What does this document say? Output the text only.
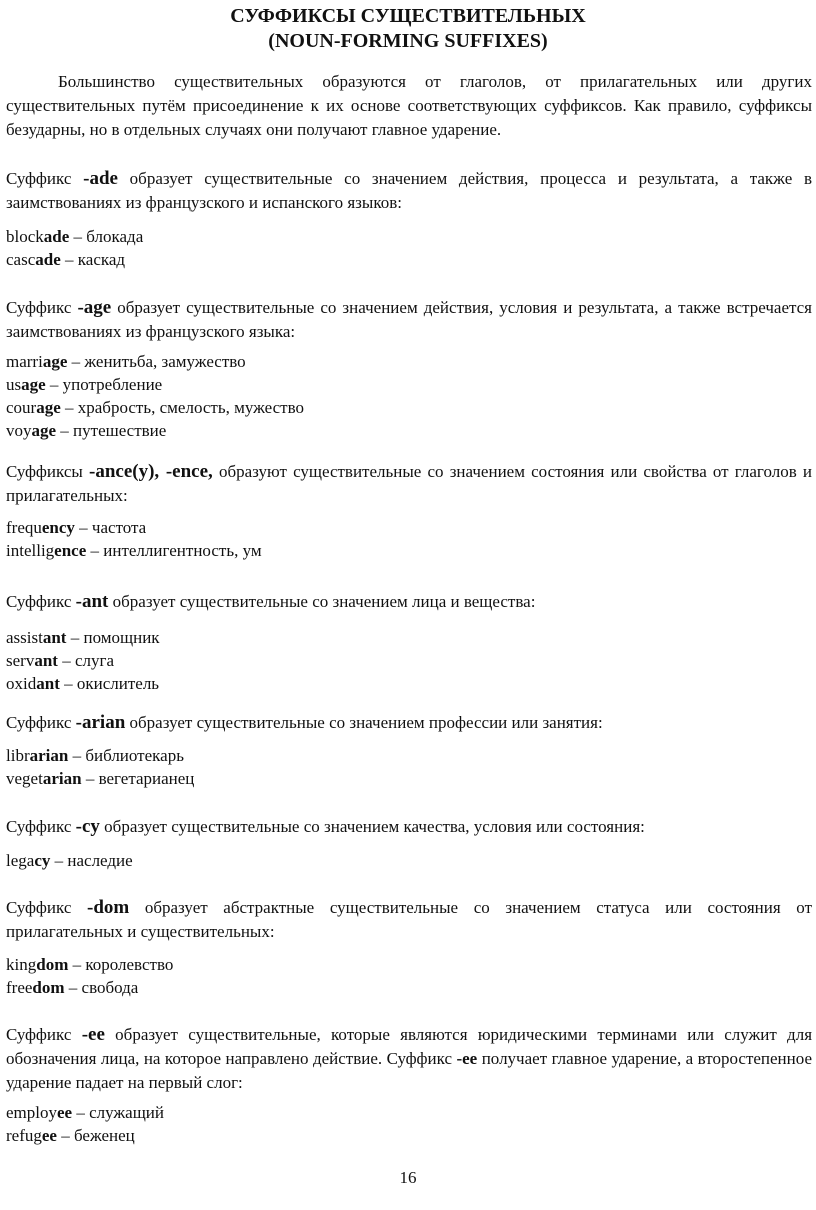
СУФФИКСЫ СУЩЕСТВИТЕЛЬНЫХ
(NOUN-FORMING SUFFIXES)

Большинство существительных образуются от глаголов, от прилагательных или других существительных путём присоединение к их основе соответствующих суффиксов. Как правило, суффиксы безударны, но в отдельных случаях они получают главное ударение.

Суффикс -ade образует существительные со значением действия, процесса и результата, а также в заимствованиях из французского и испанского языков:

blockade – блокада

cascade – каскад

Суффикс -age образует существительные со значением действия, условия и результата, а также встречается заимствованиях из французского языка:

marriage – женитьба, замужество

usage – употребление

courage – храбрость, смелость, мужество

voyage – путешествие

Суффиксы -ance(y), -ence, образуют существительные со значением состояния или свойства от глаголов и прилагательных:

frequency – частота

intelligence – интеллигентность, ум

Суффикс -ant образует существительные со значением лица и вещества:

assistant – помощник

servant – слуга

oxidant – окислитель

Суффикс -arian образует существительные со значением профессии или занятия:

librarian – библиотекарь

vegetarian – вегетарианец

Суффикс -cy образует существительные со значением качества, условия или состояния:

legacy – наследие

Суффикс -dom образует абстрактные существительные со значением статуса или состояния от прилагательных и существительных:

kingdom – королевство

freedom – свобода

Суффикс -ee образует существительные, которые являются юридическими терминами или служит для обозначения лица, на которое направлено действие. Суффикс -ee получает главное ударение, а второстепенное ударение падает на первый слог:

employee – служащий

refugee – беженец

16
